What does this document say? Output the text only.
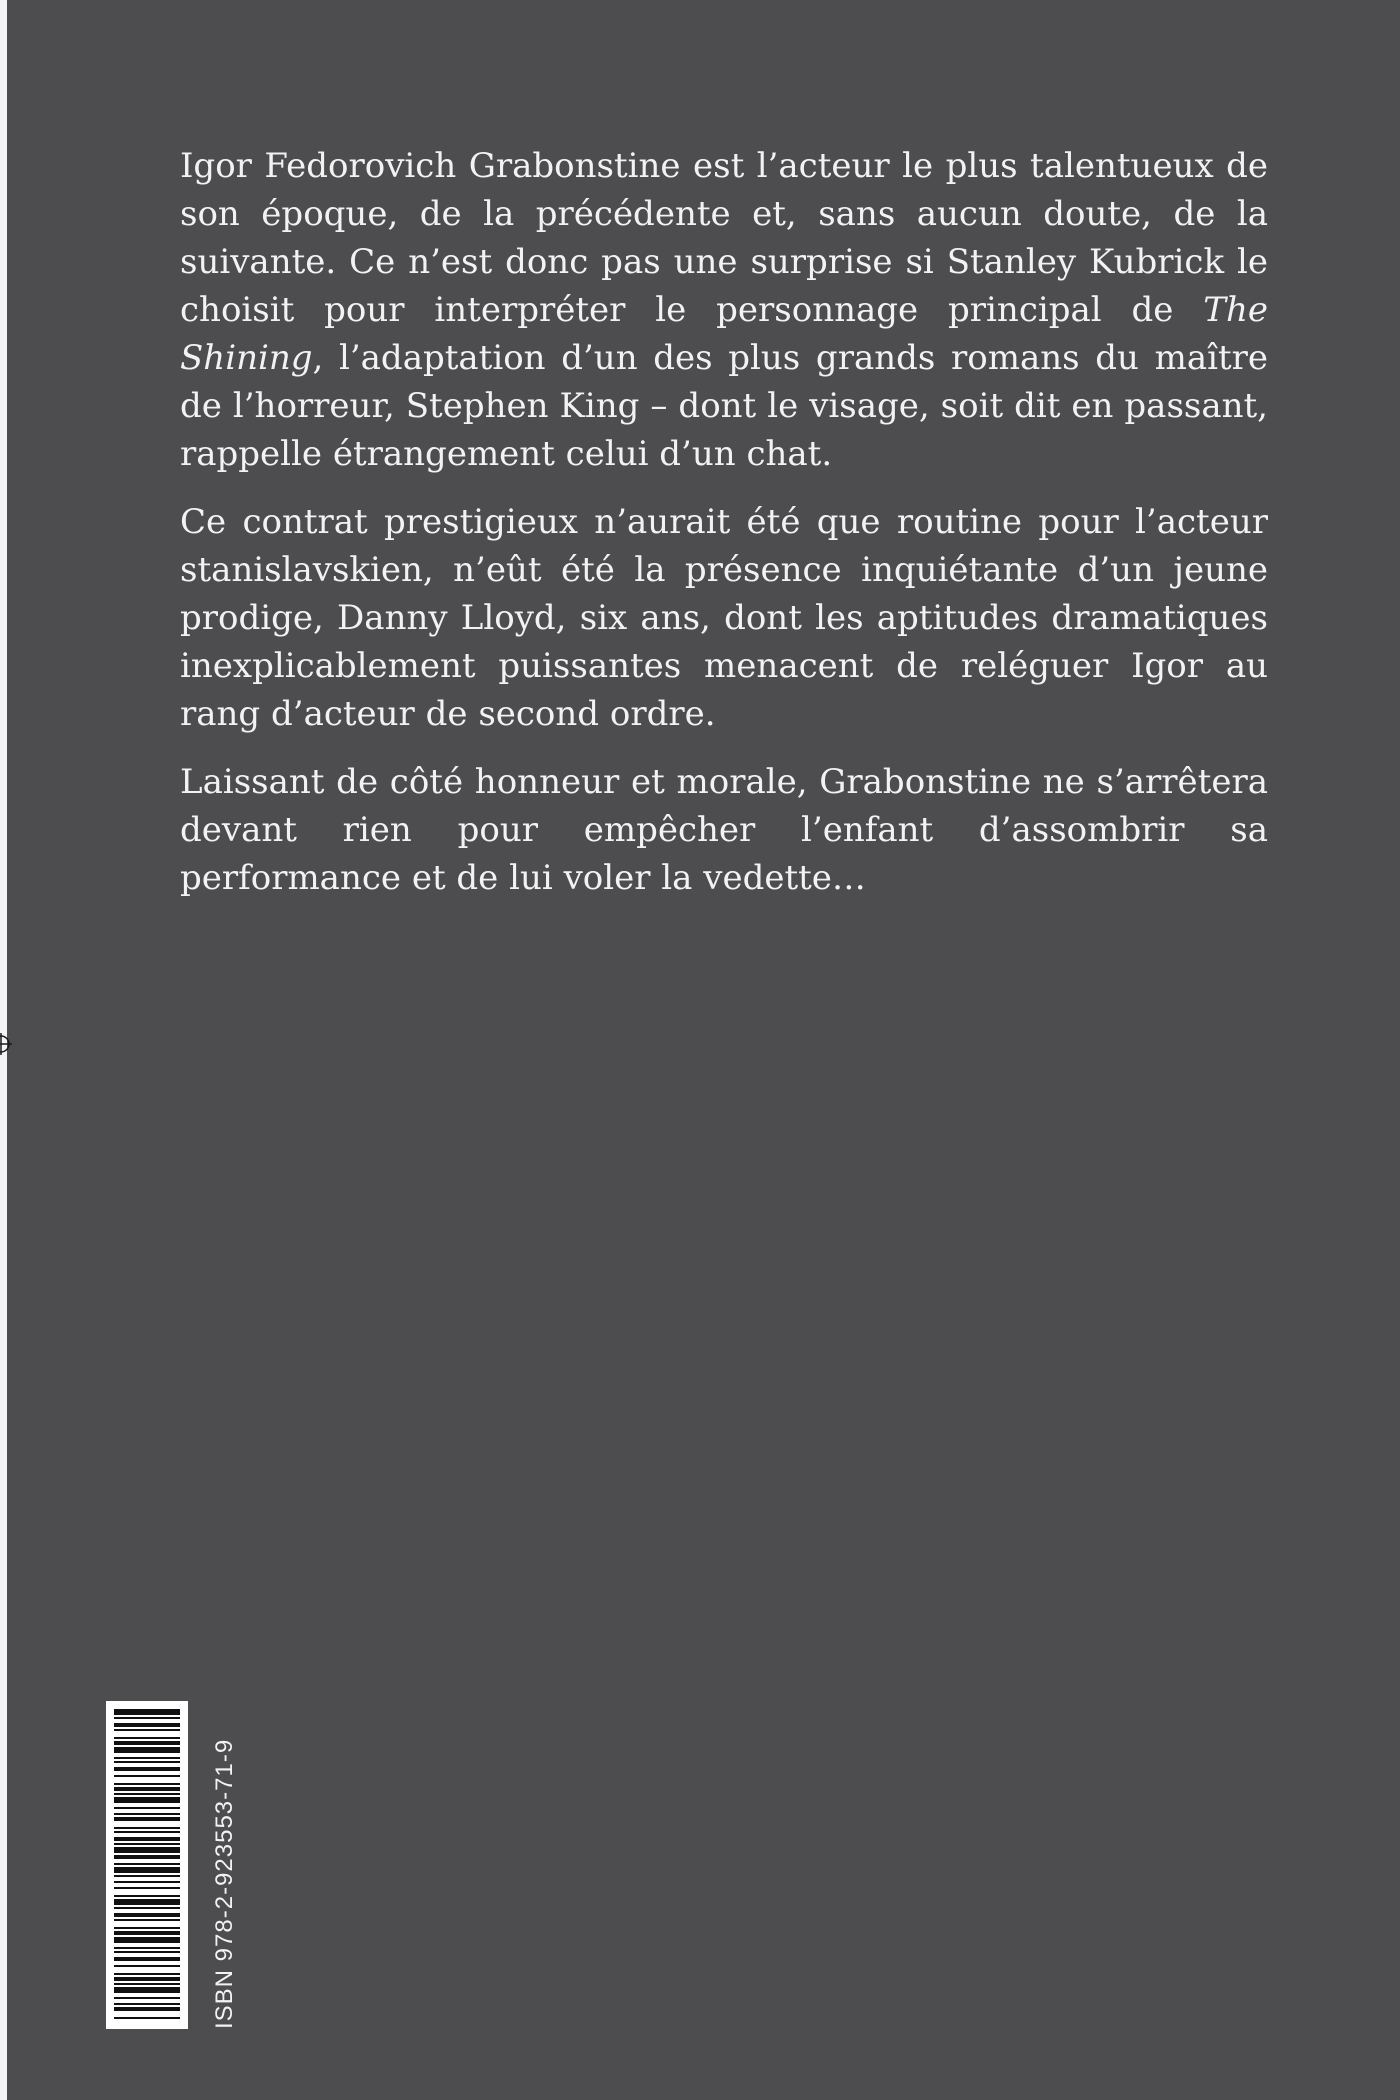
Igor Fedorovich Grabonstine est l’acteur le plus talentueux de son époque, de la précédente et, sans aucun doute, de la suivante. Ce n’est donc pas une surprise si Stanley Kubrick le choisit pour interpréter le personnage principal de The Shining, l’adaptation d’un des plus grands romans du maître de l’horreur, Stephen King – dont le visage, soit dit en passant, rappelle étrangement celui d’un chat.

Ce contrat prestigieux n’aurait été que routine pour l’acteur stanislavskien, n’eût été la présence inquiétante d’un jeune prodige, Danny Lloyd, six ans, dont les aptitudes dramatiques inexplicablement puissantes menacent de reléguer Igor au rang d’acteur de second ordre.

Laissant de côté honneur et morale, Grabonstine ne s’arrêtera devant rien pour empêcher l’enfant d’assombrir sa performance et de lui voler la vedette…

ISBN 978-2-923553-71-9
